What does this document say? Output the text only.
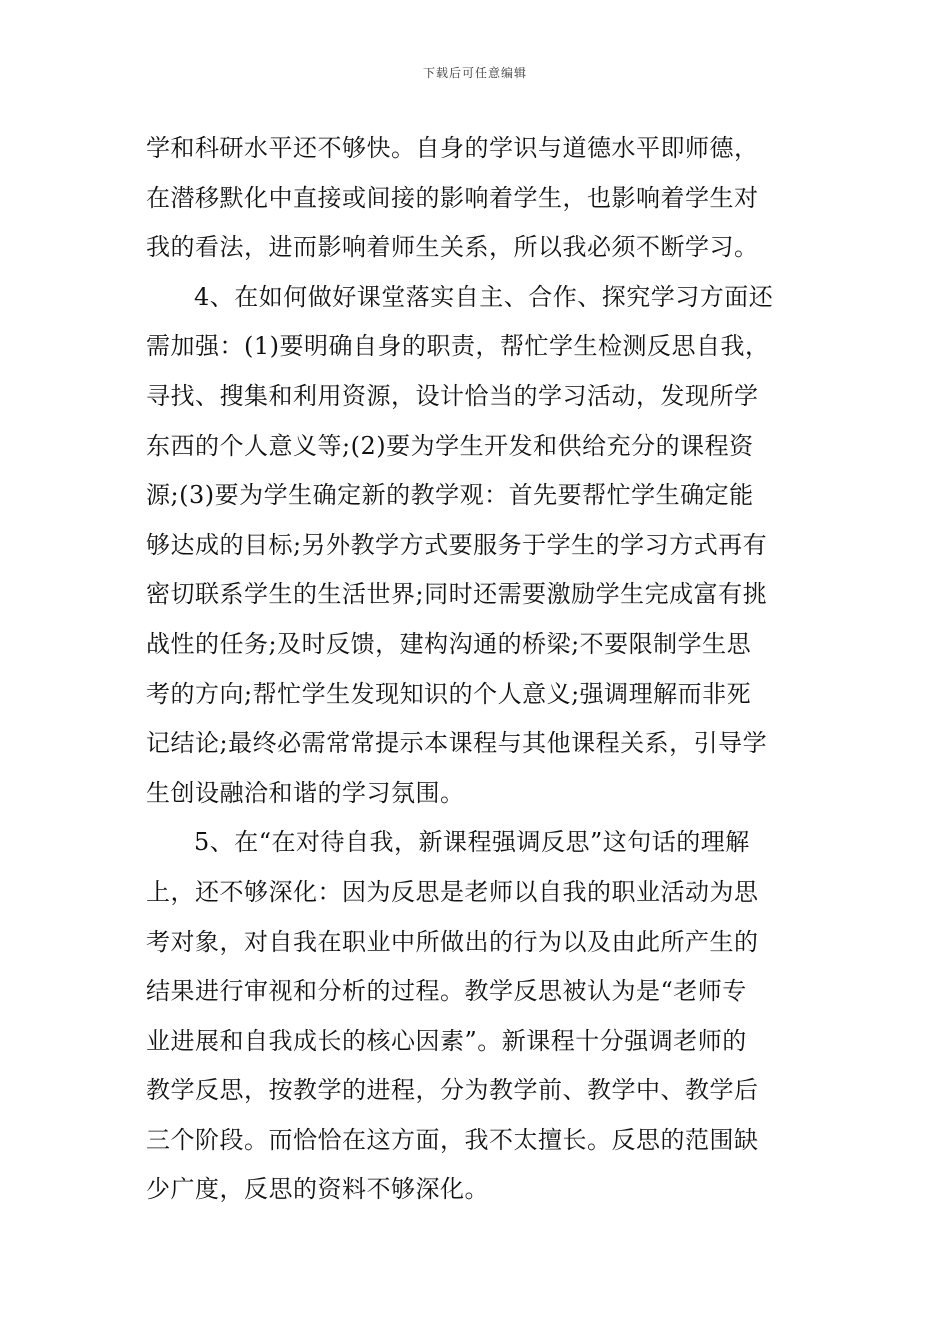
下载后可任意编辑
学和科研水平还不够快。自身的学识与道德水平即师德，
在潜移默化中直接或间接的影响着学生，也影响着学生对
我的看法，进而影响着师生关系，所以我必须不断学习。
4、在如何做好课堂落实自主、合作、探究学习方面还
需加强：(1)要明确自身的职责，帮忙学生检测反思自我，
寻找、搜集和利用资源，设计恰当的学习活动，发现所学
东西的个人意义等;(2)要为学生开发和供给充分的课程资
源;(3)要为学生确定新的教学观：首先要帮忙学生确定能
够达成的目标;另外教学方式要服务于学生的学习方式再有
密切联系学生的生活世界;同时还需要激励学生完成富有挑
战性的任务;及时反馈，建构沟通的桥梁;不要限制学生思
考的方向;帮忙学生发现知识的个人意义;强调理解而非死
记结论;最终必需常常提示本课程与其他课程关系，引导学
生创设融洽和谐的学习氛围。
5、在“在对待自我，新课程强调反思”这句话的理解
上，还不够深化：因为反思是老师以自我的职业活动为思
考对象，对自我在职业中所做出的行为以及由此所产生的
结果进行审视和分析的过程。教学反思被认为是“老师专
业进展和自我成长的核心因素”。新课程十分强调老师的
教学反思，按教学的进程，分为教学前、教学中、教学后
三个阶段。而恰恰在这方面，我不太擅长。反思的范围缺
少广度，反思的资料不够深化。
